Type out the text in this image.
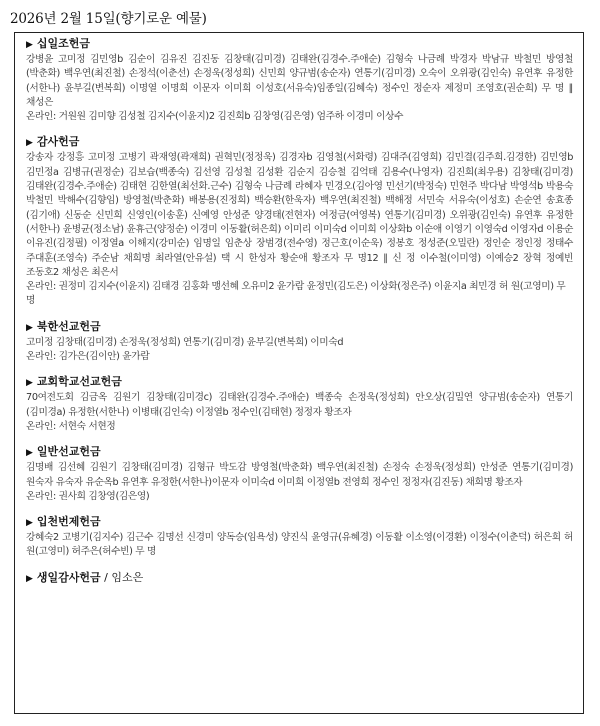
2026년 2월 15일(향기로운 예물)
▶ 십일조헌금
강병윤 고미정 김민영b 김순이 김유진 김진동 김창태(김미경) 김태완(김경수.주애순) 김형숙 나금례 박경자 박남규 박철민 방영철(박춘화) 백우연(최진철) 손정석(이춘선) 손정욱(정성희) 신민희 양규범(송순자) 연통기(김미경) 오숙이 오위광(김인숙) 유연후 유정한(서한나) 윤부길(변복희) 이명열 이명희 이문자 이미희 이성호(서유숙)임종일(김혜숙) 정수인 정순자 제정미 조영호(권순희) 무 명 ∥ 채성은
온라인: 거원원 김미향 김성철 김지수(이윤지)2 김진희b 김창영(김은영) 엄주하 이경미 이상수
▶ 감사헌금
강송자 강정흥 고미정 고병기 곽재영(곽재희) 권혁민(정정욱) 김경자b 김영철(서화령) 김대주(김영희) 김민결(김주희.김경한) 김민영b 김민정a 김병규(권정순) 김보습(백종숙) 김선영 김성철 김성환 김순지 김승철 김억태 김용수(나영자) 김진희(최우용) 김창태(김미경) 김태완(김경수.주애순) 김태현 김한열(최선화.근수) 김형숙 나금례 라혜자 민경오(김아영 민선기(박정숙) 민현주 박다남 박영석b 박용숙 박철민 박해수(김향임) 방영철(박춘화) 배봉용(진정희) 백승환(한욱자) 백우연(최진철) 백해정 서민숙 서유숙(이성호) 손순연 송효종(김기애) 신동순 신민희 신영인(이송훈) 신예영 안성준 양경태(전현자) 여정금(여영복) 연통기(김미경) 오위광(김인숙) 유연후 유정한(서한나) 윤병균(정소남) 윤휴근(양정순) 이경미 이동활(허은희) 이미리 이미숙d 이미희 이상화b 이순애 이영기 이영숙d 이영자d 이용순 이유진(김정필) 이정열a 이해지(강미순) 임명일 임춘상 장범경(전수영) 정근호(이순욱) 정봉호 정성준(오밀란) 정인순 정인정 정태수 주대훈(조영숙) 주순남 채희명 최라열(안유설) 택 시 한성자 황순애 황조자 무 명12 ∥ 신 정 이수철(이미영) 이예승2 장혁 정예빈 조동호2 채성은 최은서
온라인: 권정미 김지수(이윤지) 김태경 김홍화 맹선혜 오유미2 윤가람 윤정민(김도은) 이상화(정은주) 이윤지a 최민경 허 원(고영미) 무 명
▶ 북한선교헌금
고미정 김창태(김미경) 손정욱(정성희) 연통기(김미경) 윤부길(변복희) 이미숙d
온라인: 김가은(김이안) 윤가람
▶ 교회학교선교헌금
70여전도회 김금옥 김원기 김창태(김미경c) 김태완(김경수.주애순) 백종숙 손정욱(정성희) 안오상(김밀연 양규범(송순자) 연통기(김미경a) 유정한(서한나) 이병태(김인숙) 이정열b 정수인(김태현) 정정자 황조자
온라인: 서현숙 서현정
▶ 일반선교헌금
김명배 김선혜 김원기 김창태(김미경) 김형규 박도감 방영철(박춘화) 백우연(최진철) 손정숙 손정욱(정성희) 안성준 연통기(김미경) 원숙자 유숙자 유순옥b 유연후 유정한(서한나)이문자 이미숙d 이미희 이정열b 전영희 정수인 정정자(김진동) 채희명 황조자
온라인: 권사희 김창영(김은영)
▶ 입천번제헌금
강혜숙2 고병기(김지수) 김근수 김명선 신경미 양독승(임욕성) 양진식 윤영규(유혜경) 이동활 이소영(이경환) 이정수(이춘덕) 허은희 허 원(고영미) 허주은(허수빈) 무 명
▶ 생일감사헌금 / 임소은
